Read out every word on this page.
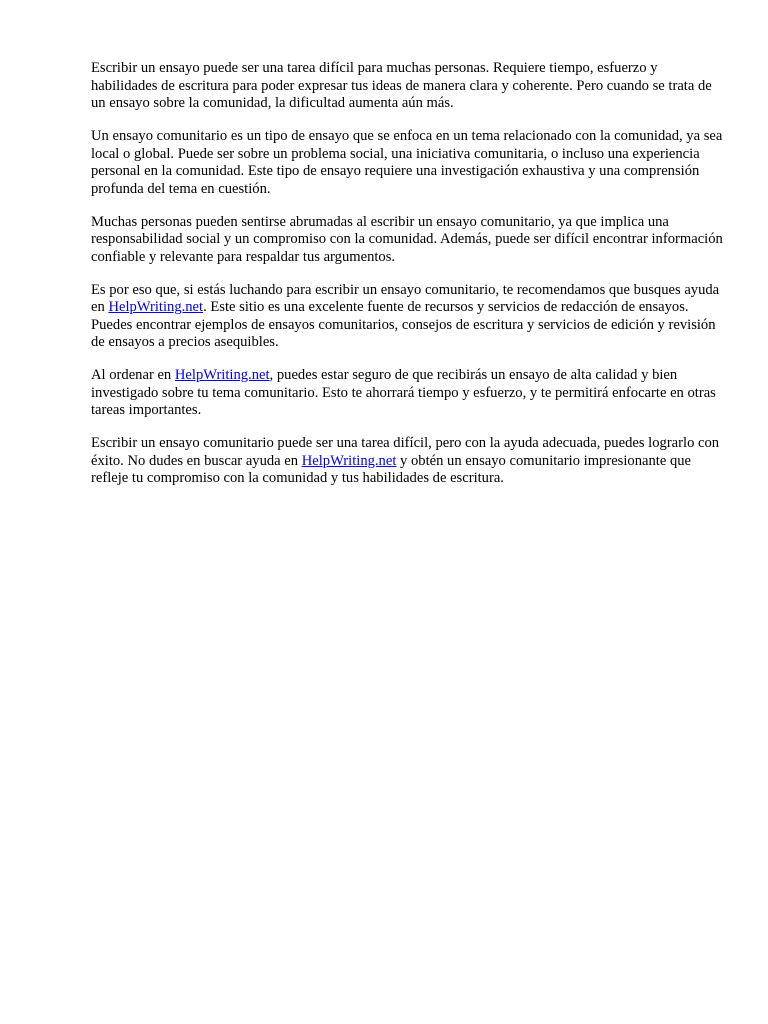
Escribir un ensayo puede ser una tarea difícil para muchas personas. Requiere tiempo, esfuerzo y habilidades de escritura para poder expresar tus ideas de manera clara y coherente. Pero cuando se trata de un ensayo sobre la comunidad, la dificultad aumenta aún más.

Un ensayo comunitario es un tipo de ensayo que se enfoca en un tema relacionado con la comunidad, ya sea local o global. Puede ser sobre un problema social, una iniciativa comunitaria, o incluso una experiencia personal en la comunidad. Este tipo de ensayo requiere una investigación exhaustiva y una comprensión profunda del tema en cuestión.

Muchas personas pueden sentirse abrumadas al escribir un ensayo comunitario, ya que implica una responsabilidad social y un compromiso con la comunidad. Además, puede ser difícil encontrar información confiable y relevante para respaldar tus argumentos.

Es por eso que, si estás luchando para escribir un ensayo comunitario, te recomendamos que busques ayuda en HelpWriting.net. Este sitio es una excelente fuente de recursos y servicios de redacción de ensayos. Puedes encontrar ejemplos de ensayos comunitarios, consejos de escritura y servicios de edición y revisión de ensayos a precios asequibles.

Al ordenar en HelpWriting.net, puedes estar seguro de que recibirás un ensayo de alta calidad y bien investigado sobre tu tema comunitario. Esto te ahorrará tiempo y esfuerzo, y te permitirá enfocarte en otras tareas importantes.

Escribir un ensayo comunitario puede ser una tarea difícil, pero con la ayuda adecuada, puedes lograrlo con éxito. No dudes en buscar ayuda en HelpWriting.net y obtén un ensayo comunitario impresionante que refleje tu compromiso con la comunidad y tus habilidades de escritura.
